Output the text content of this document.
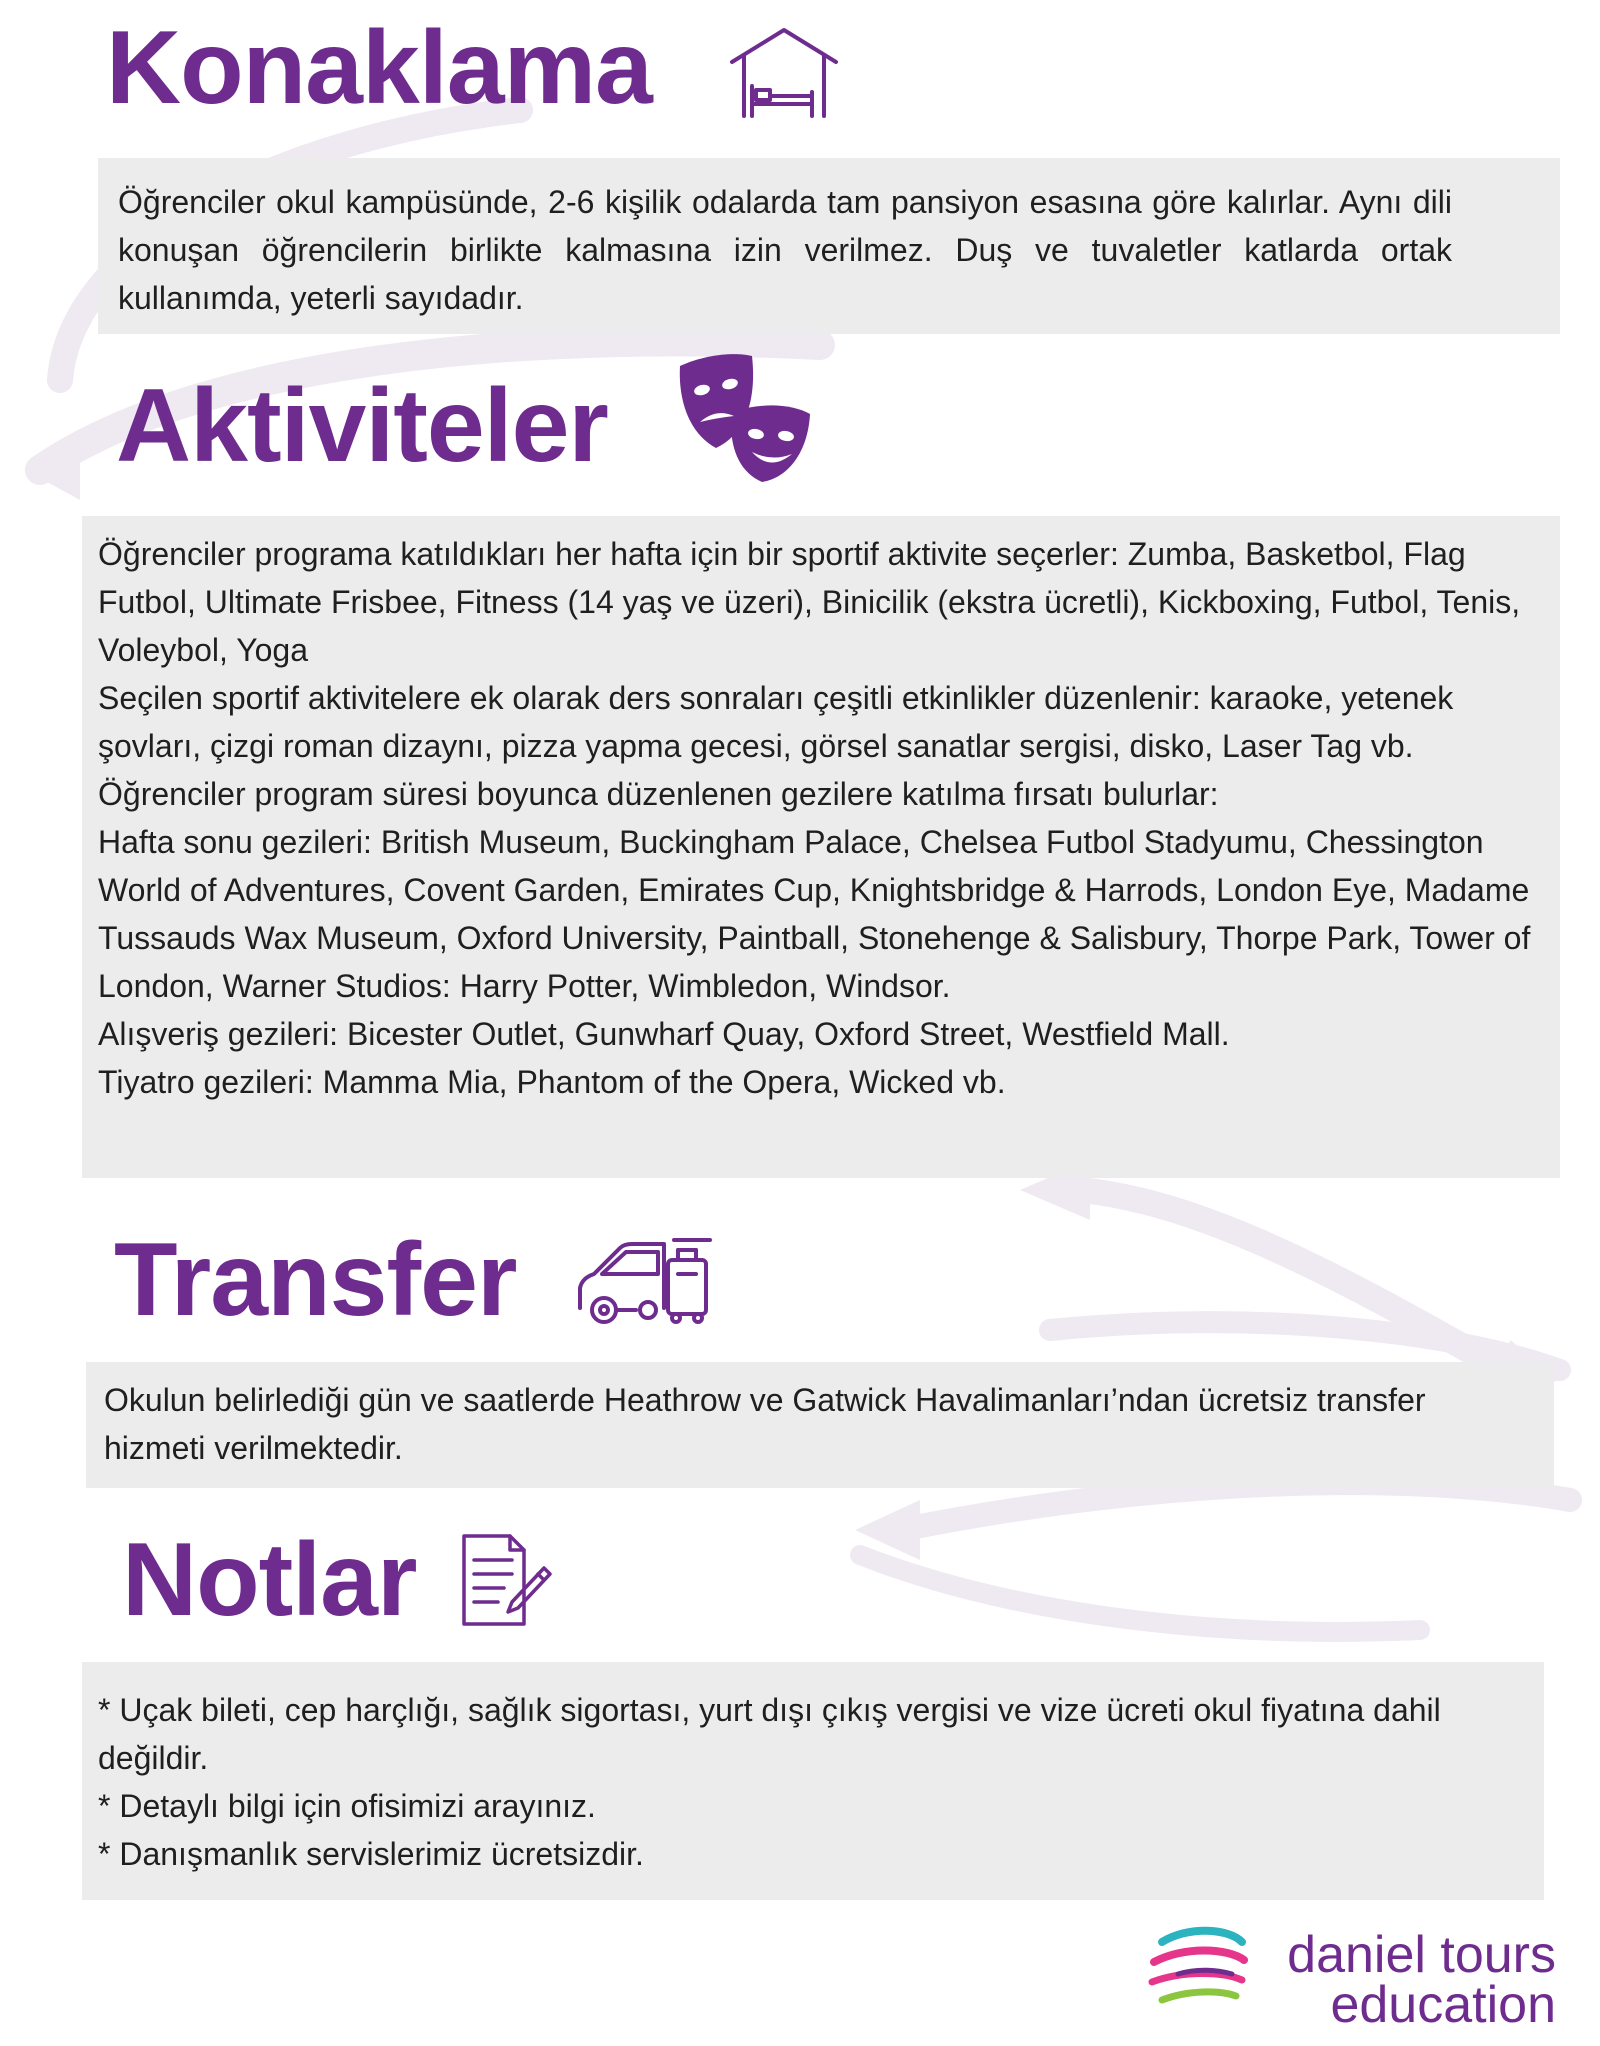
Konaklama

Öğrenciler okul kampüsünde, 2-6 kişilik odalarda tam pansiyon esasına göre kalırlar. Aynı dili konuşan öğrencilerin birlikte kalmasına izin verilmez. Duş ve tuvaletler katlarda ortak kullanımda, yeterli sayıdadır.

Aktiviteler

Öğrenciler programa katıldıkları her hafta için bir sportif aktivite seçerler: Zumba, Basketbol, Flag Futbol, Ultimate Frisbee, Fitness (14 yaş ve üzeri), Binicilik (ekstra ücretli), Kickboxing, Futbol, Tenis, Voleybol, Yoga

Seçilen sportif aktivitelere ek olarak ders sonraları çeşitli etkinlikler düzenlenir: karaoke, yetenek şovları, çizgi roman dizaynı, pizza yapma gecesi, görsel sanatlar sergisi, disko, Laser Tag vb.

Öğrenciler program süresi boyunca düzenlenen gezilere katılma fırsatı bulurlar:

Hafta sonu gezileri: British Museum, Buckingham Palace, Chelsea Futbol Stadyumu, Chessington World of Adventures, Covent Garden, Emirates Cup, Knightsbridge & Harrods, London Eye, Madame Tussauds Wax Museum, Oxford University, Paintball, Stonehenge & Salisbury, Thorpe Park, Tower of London, Warner Studios: Harry Potter, Wimbledon, Windsor.

Alışveriş gezileri: Bicester Outlet, Gunwharf Quay, Oxford Street, Westfield Mall.

Tiyatro gezileri: Mamma Mia, Phantom of the Opera, Wicked vb.

Transfer

Okulun belirlediği gün ve saatlerde Heathrow ve Gatwick Havalimanları’ndan ücretsiz transfer hizmeti verilmektedir.

Notlar

* Uçak bileti, cep harçlığı, sağlık sigortası, yurt dışı çıkış vergisi ve vize ücreti okul fiyatına dahil değildir.

* Detaylı bilgi için ofisimizi arayınız.

* Danışmanlık servislerimiz ücretsizdir.

daniel tours
education
